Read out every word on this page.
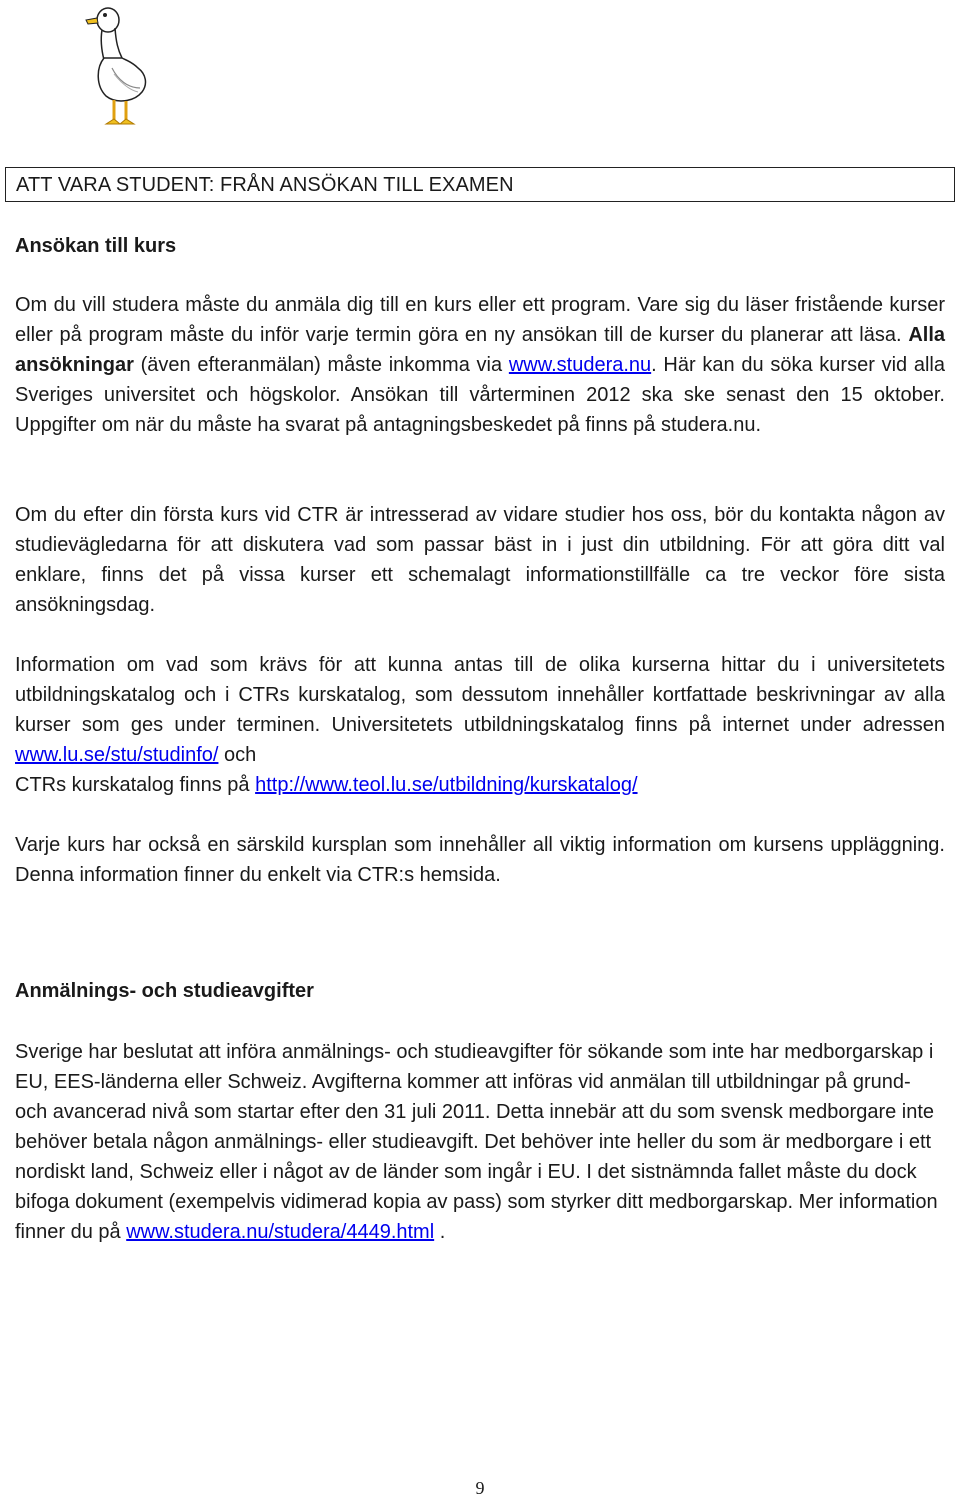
ATT VARA STUDENT: FRÅN ANSÖKAN TILL EXAMEN

Ansökan till kurs

Om du vill studera måste du anmäla dig till en kurs eller ett program. Vare sig du läser fristående kurser eller på program måste du inför varje termin göra en ny ansökan till de kurser du planerar att läsa. Alla ansökningar (även efteranmälan) måste inkomma via www.studera.nu. Här kan du söka kurser vid alla Sveriges universitet och högskolor. Ansökan till vårterminen 2012 ska ske senast den 15 oktober. Uppgifter om när du måste ha svarat på antagningsbeskedet på finns på studera.nu.

Om du efter din första kurs vid CTR är intresserad av vidare studier hos oss, bör du kontakta någon av studievägledarna för att diskutera vad som passar bäst in i just din utbildning. För att göra ditt val enklare, finns det på vissa kurser ett schemalagt informationstillfälle ca tre veckor före sista ansökningsdag.

Information om vad som krävs för att kunna antas till de olika kurserna hittar du i universitetets utbildningskatalog och i CTRs kurskatalog, som dessutom innehåller kortfattade beskrivningar av alla kurser som ges under terminen. Universitetets utbildningskatalog finns på internet under adressen www.lu.se/stu/studinfo/ och

CTRs kurskatalog finns på http://www.teol.lu.se/utbildning/kurskatalog/

Varje kurs har också en särskild kursplan som innehåller all viktig information om kursens uppläggning. Denna information finner du enkelt via CTR:s hemsida.

Anmälnings- och studieavgifter

Sverige har beslutat att införa anmälnings- och studieavgifter för sökande som inte har medborgarskap i EU, EES-länderna eller Schweiz. Avgifterna kommer att införas vid anmälan till utbildningar på grund- och avancerad nivå som startar efter den 31 juli 2011. Detta innebär att du som svensk medborgare inte behöver betala någon anmälnings- eller studieavgift. Det behöver inte heller du som är medborgare i ett nordiskt land, Schweiz eller i något av de länder som ingår i EU. I det sistnämnda fallet måste du dock bifoga dokument (exempelvis vidimerad kopia av pass) som styrker ditt medborgarskap. Mer information finner du på www.studera.nu/studera/4449.html .

9
